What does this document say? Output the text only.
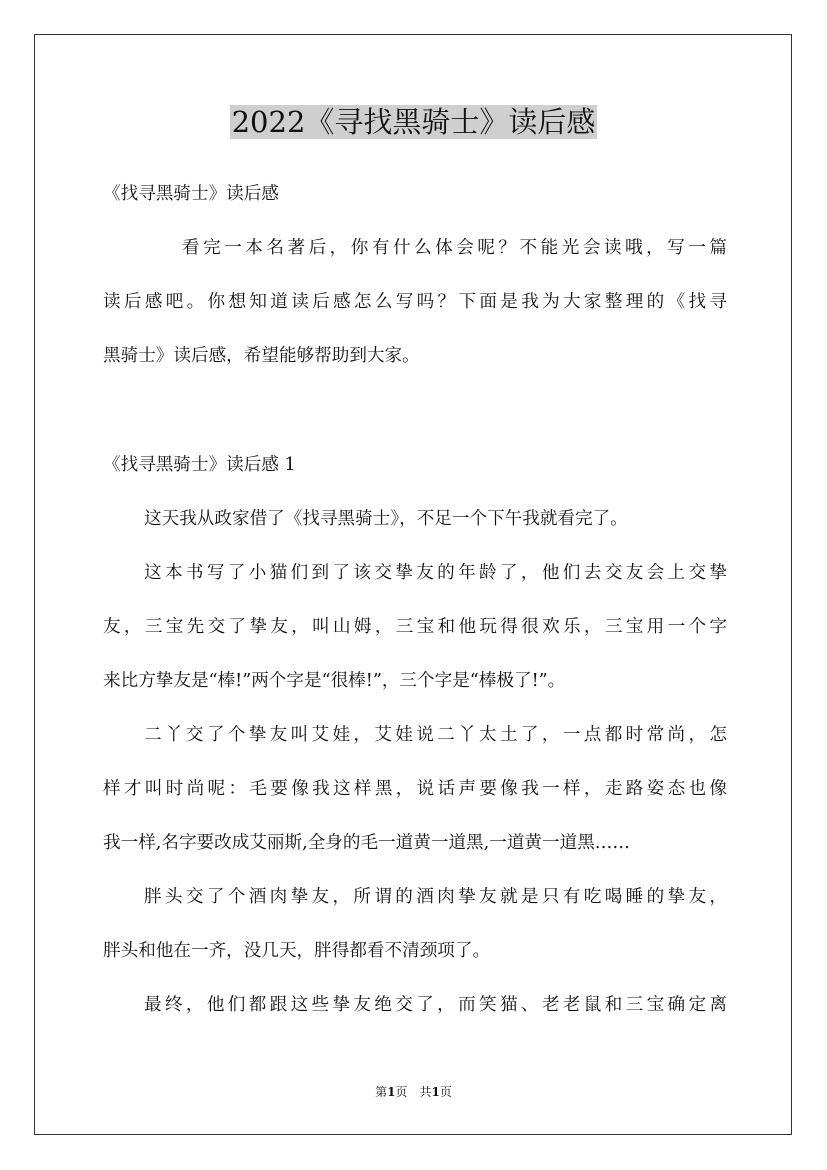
2022《寻找黑骑士》读后感

《找寻黑骑士》读后感

看完一本名著后，你有什么体会呢？不能光会读哦，写一篇

读后感吧。你想知道读后感怎么写吗？下面是我为大家整理的《找寻

黑骑士》读后感，希望能够帮助到大家。

《找寻黑骑士》读后感 1

这天我从政家借了《找寻黑骑士》，不足一个下午我就看完了。

这本书写了小猫们到了该交挚友的年龄了，他们去交友会上交挚

友，三宝先交了挚友，叫山姆，三宝和他玩得很欢乐，三宝用一个字

来比方挚友是“棒!”两个字是“很棒!”，三个字是“棒极了!”。

二丫交了个挚友叫艾娃，艾娃说二丫太土了，一点都时常尚，怎

样才叫时尚呢：毛要像我这样黑，说话声要像我一样，走路姿态也像

我一样,名字要改成艾丽斯,全身的毛一道黄一道黑,一道黄一道黑……

胖头交了个酒肉挚友，所谓的酒肉挚友就是只有吃喝睡的挚友，

胖头和他在一齐，没几天，胖得都看不清颈项了。

最终，他们都跟这些挚友绝交了，而笑猫、老老鼠和三宝确定离

第1页　共1页
